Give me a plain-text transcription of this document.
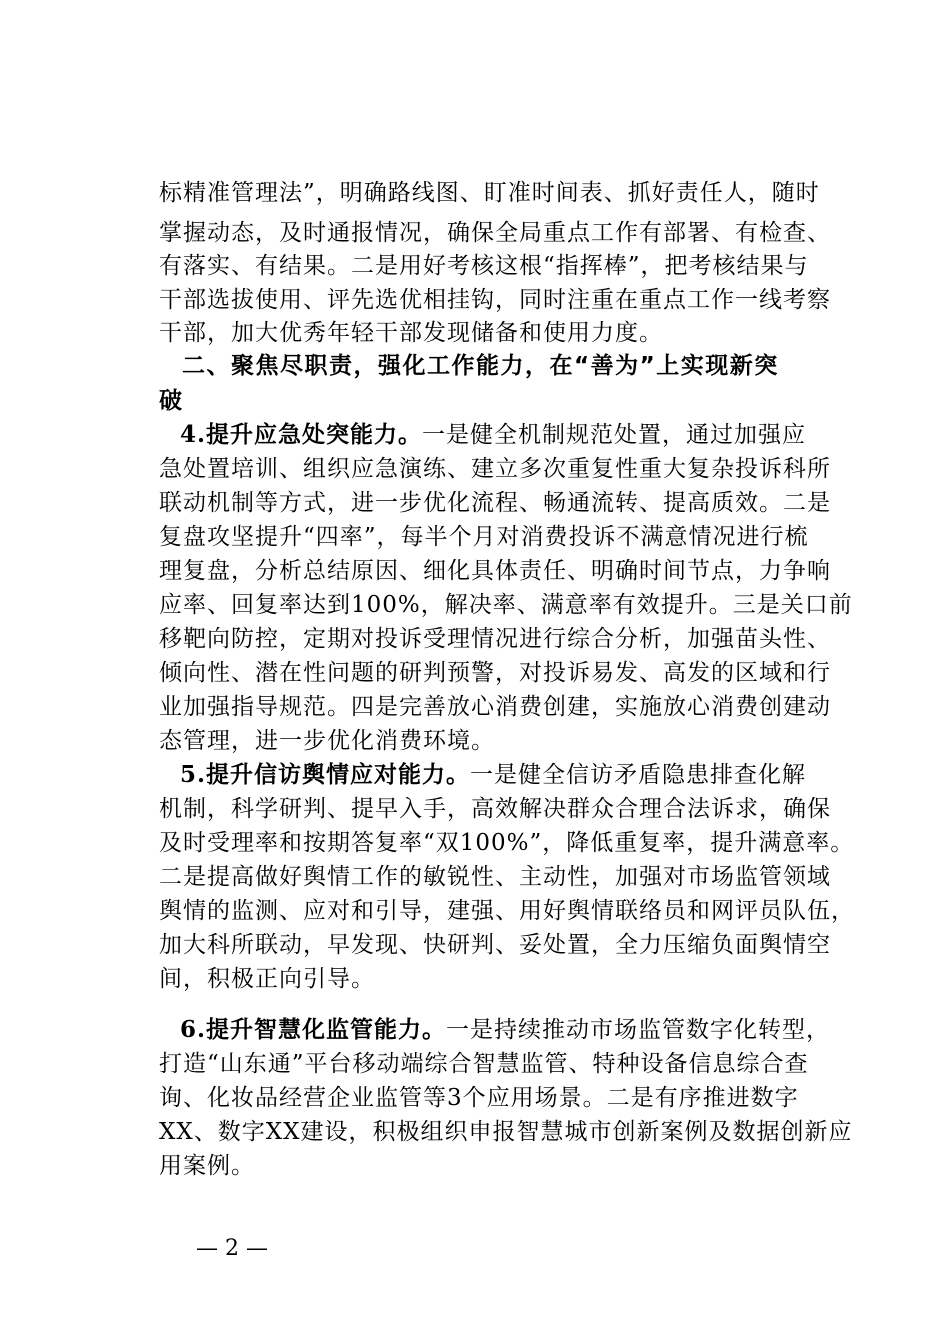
标精准管理法”，明确路线图、盯准时间表、抓好责任人，随时
掌握动态，及时通报情况，确保全局重点工作有部署、有检查、
有落实、有结果。二是用好考核这根“指挥棒”，把考核结果与
干部选拔使用、评先选优相挂钩，同时注重在重点工作一线考察
干部，加大优秀年轻干部发现储备和使用力度。
二、聚焦尽职责，强化工作能力，在“善为”上实现新突
破
4.提升应急处突能力。一是健全机制规范处置，通过加强应
急处置培训、组织应急演练、建立多次重复性重大复杂投诉科所
联动机制等方式，进一步优化流程、畅通流转、提高质效。二是
复盘攻坚提升“四率”，每半个月对消费投诉不满意情况进行梳
理复盘，分析总结原因、细化具体责任、明确时间节点，力争响
应率、回复率达到100%，解决率、满意率有效提升。三是关口前
移靶向防控，定期对投诉受理情况进行综合分析，加强苗头性、
倾向性、潜在性问题的研判预警，对投诉易发、高发的区域和行
业加强指导规范。四是完善放心消费创建，实施放心消费创建动
态管理，进一步优化消费环境。
5.提升信访舆情应对能力。一是健全信访矛盾隐患排查化解
机制，科学研判、提早入手，高效解决群众合理合法诉求，确保
及时受理率和按期答复率“双100%”，降低重复率，提升满意率。
二是提高做好舆情工作的敏锐性、主动性，加强对市场监管领域
舆情的监测、应对和引导，建强、用好舆情联络员和网评员队伍，
加大科所联动，早发现、快研判、妥处置，全力压缩负面舆情空
间，积极正向引导。
6.提升智慧化监管能力。一是持续推动市场监管数字化转型，
打造“山东通”平台移动端综合智慧监管、特种设备信息综合查
询、化妆品经营企业监管等3个应用场景。二是有序推进数字
XX、数字XX建设，积极组织申报智慧城市创新案例及数据创新应
用案例。
— 2 —
